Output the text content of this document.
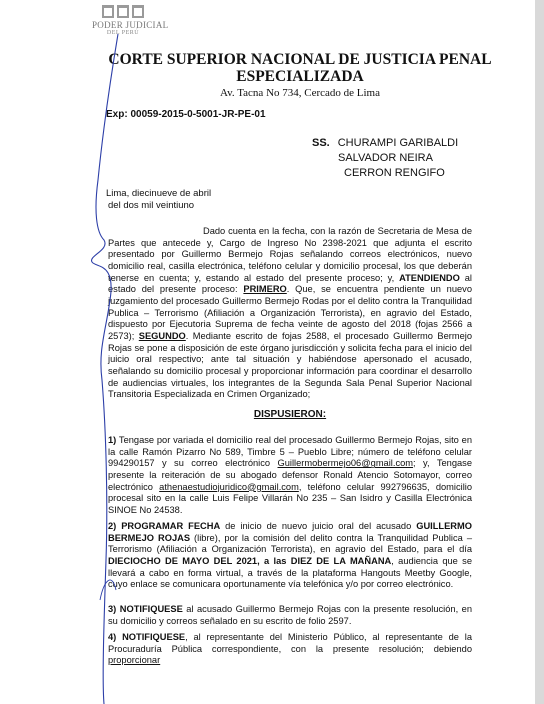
PODER JUDICIAL
DEL PERÚ
CORTE SUPERIOR NACIONAL DE JUSTICIA PENAL
ESPECIALIZADA
Av. Tacna No 734, Cercado de Lima
Exp: 00059-2015-0-5001-JR-PE-01
SS. CHURAMPI GARIBALDI
SALVADOR NEIRA
CERRON RENGIFO
Lima, diecinueve de abril
del dos mil veintiuno
Dado cuenta en la fecha, con la razón de Secretaria de Mesa de Partes que antecede y, Cargo de Ingreso No 2398-2021 que adjunta el escrito presentado por Guillermo Bermejo Rojas señalando correos electrónicos, nuevo domicilio real, casilla electrónica, teléfono celular y domicilio procesal, los que deberán tenerse en cuenta; y, estando al estado del presente proceso; y, ATENDIENDO al estado del presente proceso: PRIMERO. Que, se encuentra pendiente un nuevo juzgamiento del procesado Guillermo Bermejo Rodas por el delito contra la Tranquilidad Publica – Terrorismo (Afiliación a Organización Terrorista), en agravio del Estado, dispuesto por Ejecutoria Suprema de fecha veinte de agosto del 2018 (fojas 2566 a 2573); SEGUNDO. Mediante escrito de fojas 2588, el procesado Guillermo Bermejo Rojas se pone a disposición de este órgano jurisdicción y solicita fecha para el inicio del juicio oral respectivo; ante tal situación y habiéndose apersonado el acusado, señalando su domicilio procesal y proporcionar información para coordinar el desarrollo de audiencias virtuales, los integrantes de la Segunda Sala Penal Superior Nacional Transitoria Especializada en Crimen Organizado;
DISPUSIERON:
1) Tengase por variada el domicilio real del procesado Guillermo Bermejo Rojas, sito en la calle Ramón Pizarro No 589, Timbre 5 – Pueblo Libre; número de teléfono celular 994290157 y su correo electrónico Guillermobermejo06@gmail.com; y, Tengase presente la reiteración de su abogado defensor Ronald Atencio Sotomayor, correo electrónico athenaestudiojuridico@gmail.com, teléfono celular 992796635, domicilio procesal sito en la calle Luis Felipe Villarán No 235 – San Isidro y Casilla Electrónica SINOE No 24538.
2) PROGRAMAR FECHA de inicio de nuevo juicio oral del acusado GUILLERMO BERMEJO ROJAS (libre), por la comisión del delito contra la Tranquilidad Publica – Terrorismo (Afiliación a Organización Terrorista), en agravio del Estado, para el día DIECIOCHO DE MAYO DEL 2021, a las DIEZ DE LA MAÑANA, audiencia que se llevará a cabo en forma virtual, a través de la plataforma Hangouts Meetby Google, cuyo enlace se comunicara oportunamente vía telefónica y/o por correo electrónico.
3) NOTIFIQUESE al acusado Guillermo Bermejo Rojas con la presente resolución, en su domicilio y correos señalado en su escrito de folio 2597.
4) NOTIFIQUESE, al representante del Ministerio Público, al representante de la Procuraduría Pública correspondiente, con la presente resolución; debiendo proporcionar
